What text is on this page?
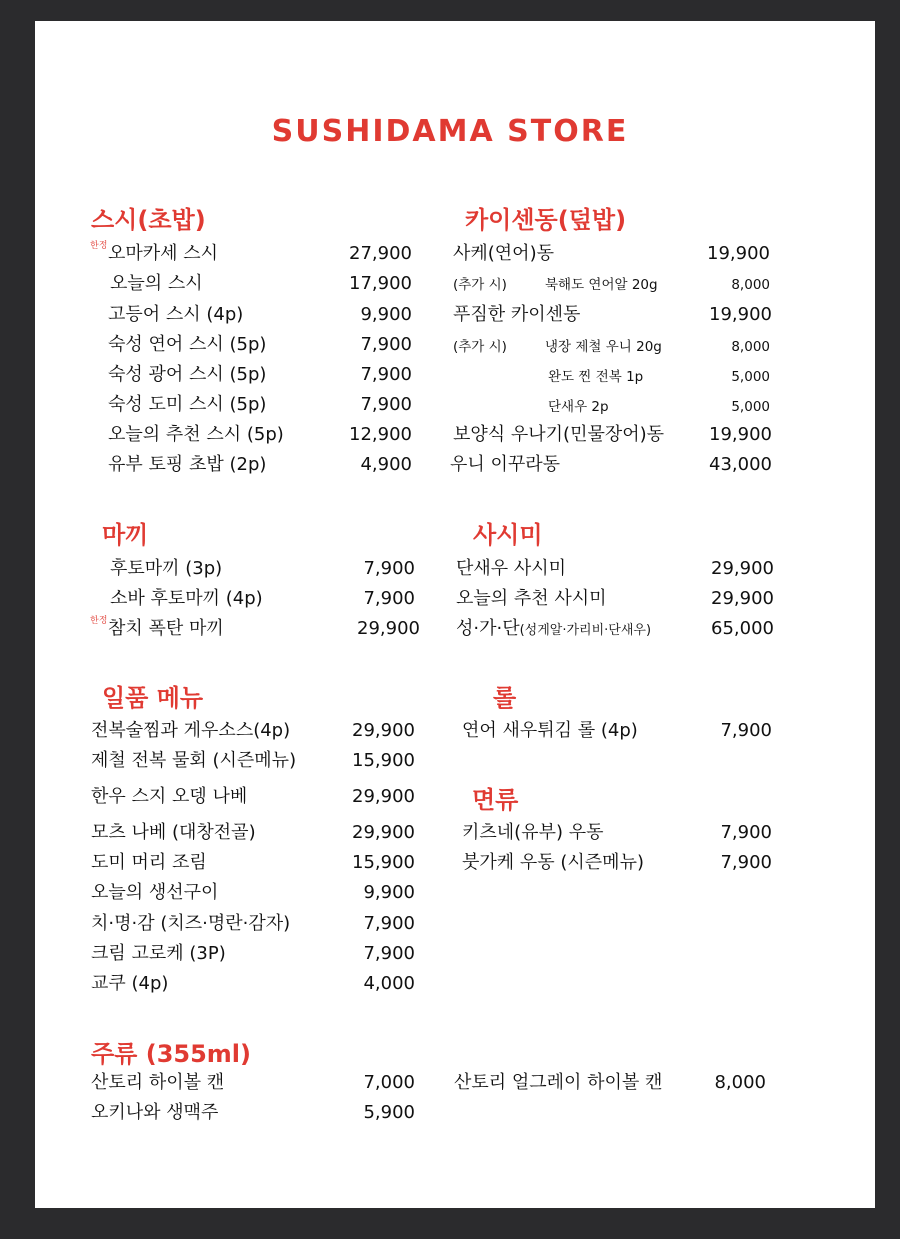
SUSHIDAMA STORE
스시(초밥)
한정 오마카세 스시	27,900
오늘의 스시	17,900
고등어 스시 (4p)	9,900
숙성 연어 스시 (5p)	7,900
숙성 광어 스시 (5p)	7,900
숙성 도미 스시 (5p)	7,900
오늘의 추천 스시 (5p)	12,900
유부 토핑 초밥 (2p)	4,900
카이센동(덮밥)
사케(연어)동	19,900
(추가 시)	북해도 연어알 20g	8,000
푸짐한 카이센동	19,900
(추가 시)	냉장 제철 우니 20g	8,000
완도 찐 전복 1p	5,000
단새우 2p	5,000
보양식 우나기(민물장어)동 19,900
우니 이꾸라동	43,000
마끼
후토마끼 (3p)	7,900
소바 후토마끼 (4p)	7,900
한정 참치 폭탄 마끼	29,900
사시미
단새우 사시미	29,900
오늘의 추천 사시미	29,900
성·가·단(성게알·가리비·단새우)	65,000
일품 메뉴
전복술찜과 게우소스(4p)	29,900
제철 전복 물회 (시즌메뉴)	15,900
한우 스지 오뎅 나베	29,900
모츠 나베 (대창전골)	29,900
도미 머리 조림	15,900
오늘의 생선구이	9,900
치·명·감 (치즈·명란·감자)	7,900
크림 고로케 (3P)	7,900
교쿠 (4p)	4,000
롤
연어 새우튀김 롤 (4p)	7,900
면류
키츠네(유부) 우동	7,900
붓가케 우동 (시즌메뉴)	7,900
주류 (355ml)
산토리 하이볼 캔	7,000
오키나와 생맥주	5,900
산토리 얼그레이 하이볼 캔	8,000
